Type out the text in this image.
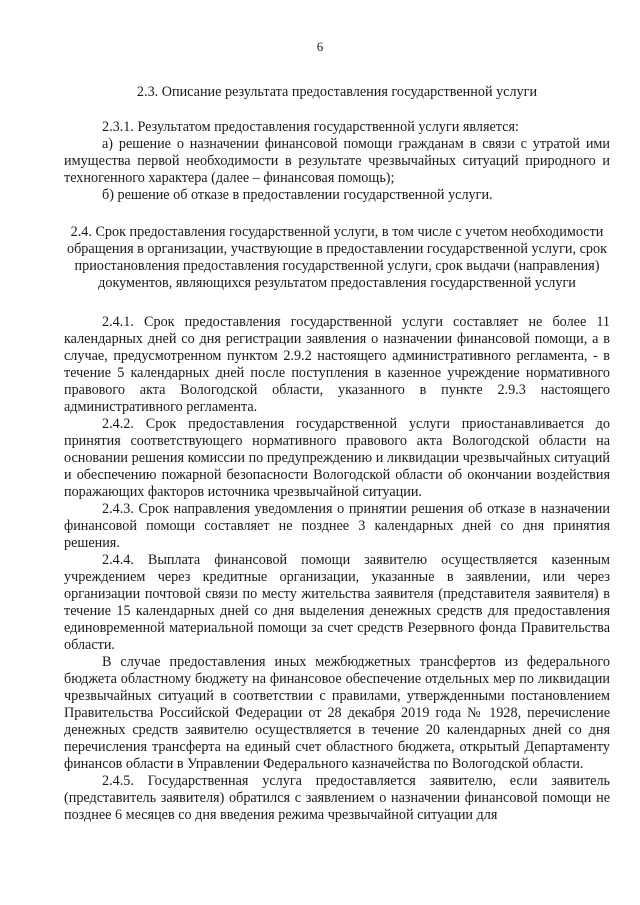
6

2.3. Описание результата предоставления государственной услуги

2.3.1. Результатом предоставления государственной услуги является:

а) решение о назначении финансовой помощи гражданам в связи с утратой ими имущества первой необходимости в результате чрезвычайных ситуаций природного и техногенного характера (далее – финансовая помощь);

б) решение об отказе в предоставлении государственной услуги.

2.4. Срок предоставления государственной услуги, в том числе с учетом необходимости обращения в организации, участвующие в предоставлении государственной услуги, срок приостановления предоставления государственной услуги, срок выдачи (направления) документов, являющихся результатом предоставления государственной услуги

2.4.1. Срок предоставления государственной услуги составляет не более 11 календарных дней со дня регистрации заявления о назначении финансовой помощи, а в случае, предусмотренном пунктом 2.9.2 настоящего административного регламента, - в течение 5 календарных дней после поступления в казенное учреждение нормативного правового акта Вологодской области, указанного в пункте 2.9.3 настоящего административного регламента.

2.4.2. Срок предоставления государственной услуги приостанавливается до принятия соответствующего нормативного правового акта Вологодской области на основании решения комиссии по предупреждению и ликвидации чрезвычайных ситуаций и обеспечению пожарной безопасности Вологодской области об окончании воздействия поражающих факторов источника чрезвычайной ситуации.

2.4.3. Срок направления уведомления о принятии решения об отказе в назначении финансовой помощи составляет не позднее 3 календарных дней со дня принятия решения.

2.4.4. Выплата финансовой помощи заявителю осуществляется казенным учреждением через кредитные организации, указанные в заявлении, или через организации почтовой связи по месту жительства заявителя (представителя заявителя) в течение 15 календарных дней со дня выделения денежных средств для предоставления единовременной материальной помощи за счет средств Резервного фонда Правительства области.

В случае предоставления иных межбюджетных трансфертов из федерального бюджета областному бюджету на финансовое обеспечение отдельных мер по ликвидации чрезвычайных ситуаций в соответствии с правилами, утвержденными постановлением Правительства Российской Федерации от 28 декабря 2019 года № 1928, перечисление денежных средств заявителю осуществляется в течение 20 календарных дней со дня перечисления трансферта на единый счет областного бюджета, открытый Департаменту финансов области в Управлении Федерального казначейства по Вологодской области.

2.4.5. Государственная услуга предоставляется заявителю, если заявитель (представитель заявителя) обратился с заявлением о назначении финансовой помощи не позднее 6 месяцев со дня введения режима чрезвычайной ситуации для
